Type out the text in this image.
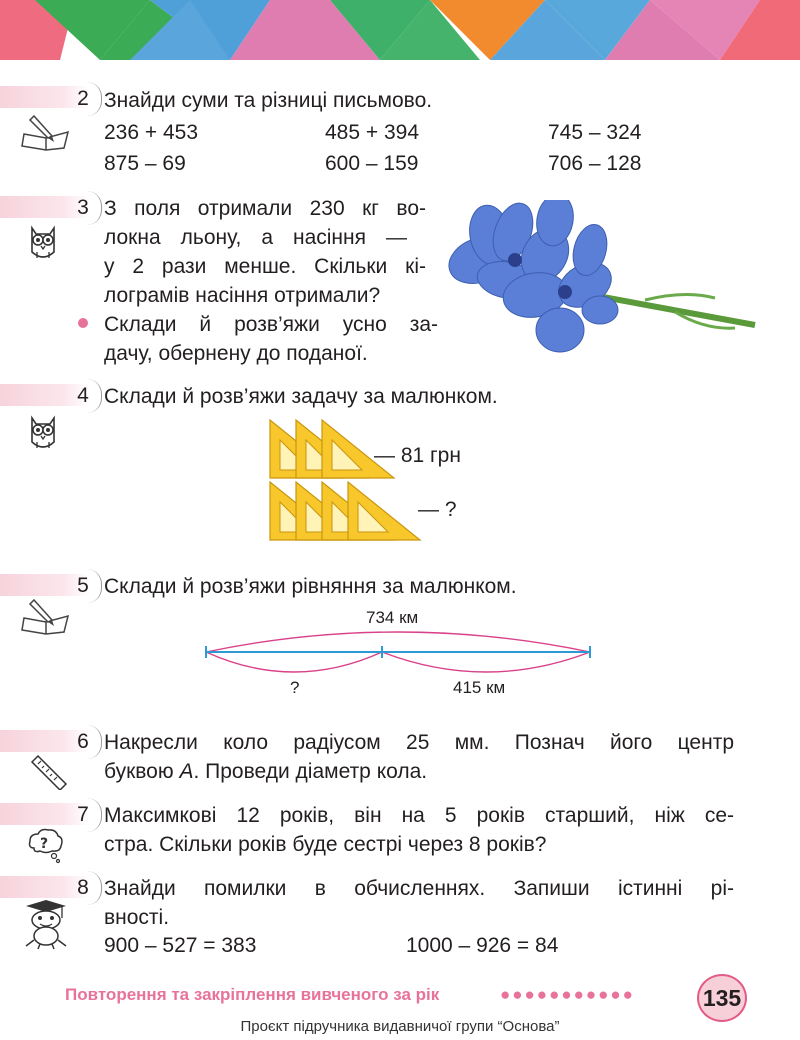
2 Знайди суми та різниці письмово.
236 + 453	485 + 394	745 – 324
875 – 69	600 – 159	706 – 128
3 З поля отримали 230 кг во-
локна льону, а насіння —
у 2 рази менше. Скільки кі-
лограмів насіння отримали?
Склади й розв’яжи усно за-
дачу, обернену до поданої.
4 Склади й розв’яжи задачу за малюнком.
— 81 грн
— ?
5 Склади й розв’яжи рівняння за малюнком.
734 км
?	415 км
6 Накресли коло радіусом 25 мм. Познач його центр
буквою А. Проведи діаметр кола.
7 Максимкові 12 років, він на 5 років старший, ніж се-
стра. Скільки років буде сестрі через 8 років?
?
8 Знайди помилки в обчисленнях. Запиши істинні рі-
вності.
900 – 527 = 383	1000 – 926 = 84
Повторення та закріплення вивченого за рік	●●●●●●●●●●●	135
Проєкт підручника видавничої групи “Основа”
